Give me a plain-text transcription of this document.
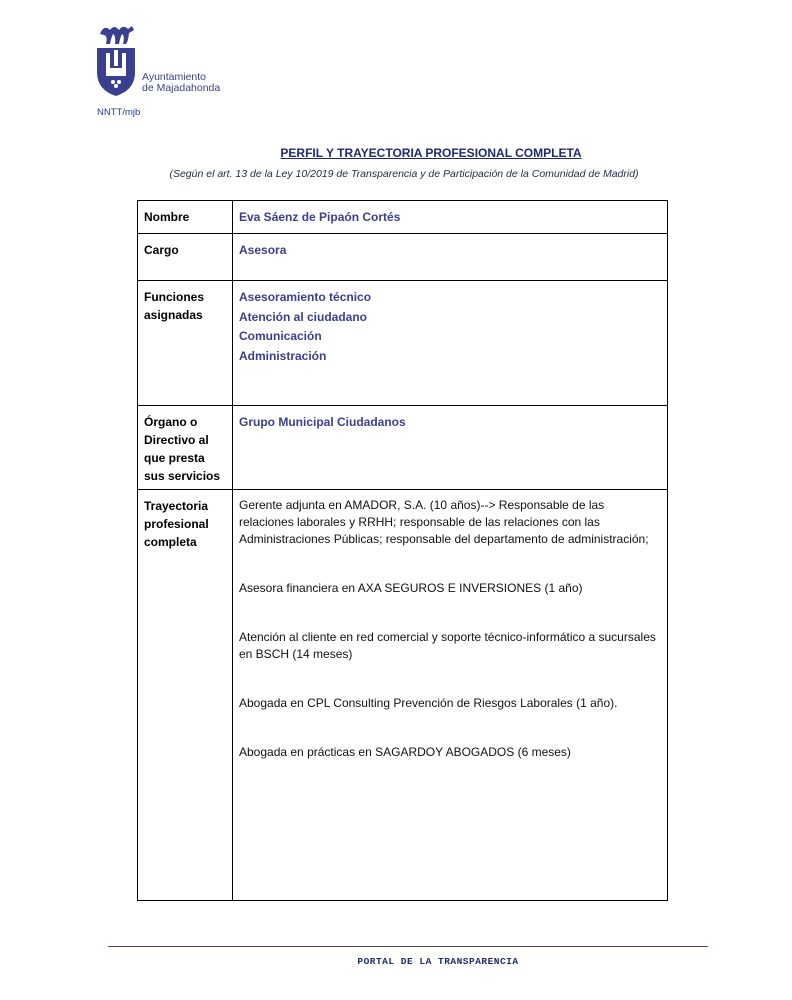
Ayuntamiento
de Majadahonda
NNTT/mjb
PERFIL Y TRAYECTORIA PROFESIONAL COMPLETA
(Según el art. 13 de la Ley 10/2019 de Transparencia y de Participación de la Comunidad de Madrid)
Nombre	Eva Sáenz de Pipaón Cortés
Cargo	Asesora
Funciones asignadas	Asesoramiento técnico
Atención al ciudadano
Comunicación
Administración

Órgano o Directivo al que presta sus servicios	Grupo Municipal Ciudadanos
Trayectoria profesional completa	Gerente adjunta en AMADOR, S.A. (10 años)--> Responsable de las relaciones laborales y RRHH; responsable de las relaciones con las Administraciones Públicas; responsable del departamento de administración;
Asesora financiera en AXA SEGUROS E INVERSIONES (1 año)
Atención al cliente en red comercial y soporte técnico-informático a sucursales en BSCH (14 meses)
Abogada en CPL Consulting Prevención de Riesgos Laborales (1 año).
Abogada en prácticas en SAGARDOY ABOGADOS (6 meses)
PORTAL DE LA TRANSPARENCIA
